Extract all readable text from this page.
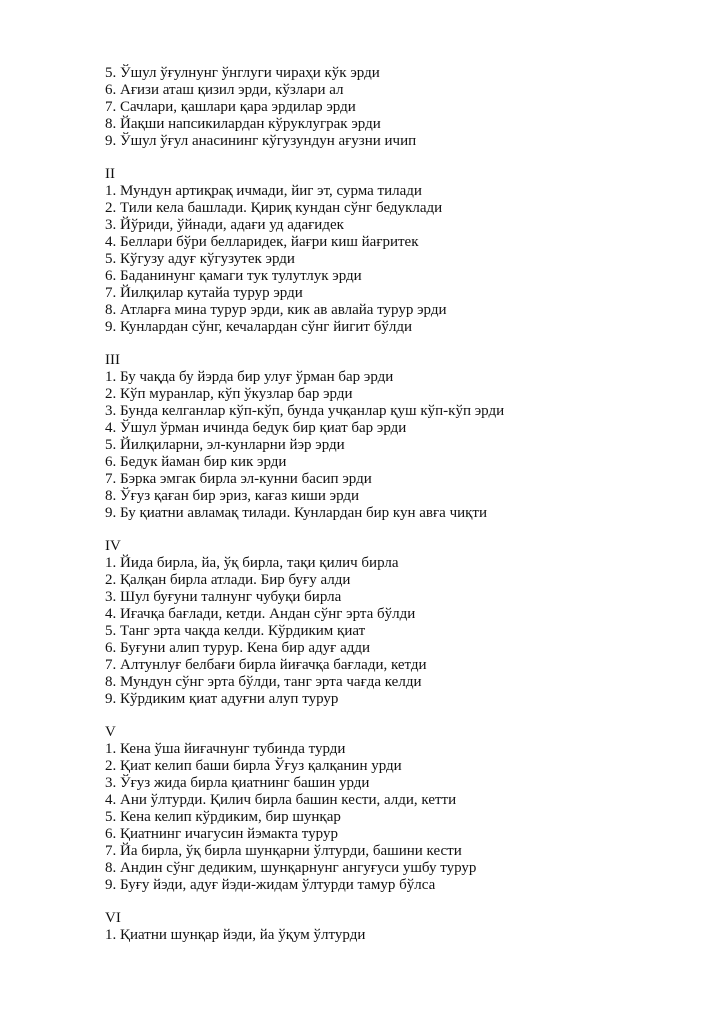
5. Ўшул ўғулнунг ўнглуги чираҳи кўк эрди

6. Ағизи аташ қизил эрди, кўзлари ал

7. Сачлари, қашлари қара эрдилар эрди

8. Йақши напсикилардан кўруклуграк эрди

9. Ўшул ўғул анасининг кўгузундун ағузни ичип

II

1. Мундун артиқрақ ичмади, йиг эт, сурма тилади

2. Тили кела башлади. Қириқ кундан сўнг бедуклади

3. Йўриди, ўйнади, адағи уд адағидек

4. Беллари бўри белларидек, йағри киш йағритек

5. Кўгузу адуғ кўгузутек эрди

6. Баданинунг қамаги тук тулутлук эрди

7. Йилқилар кутайа турур эрди

8. Атларға мина турур эрди, кик ав авлайа турур эрди

9. Кунлардан сўнг, кечалардан сўнг йигит бўлди

III

1. Бу чақда бу йэрда бир улуғ ўрман бар эрди

2. Кўп муранлар, кўп ўкузлар бар эрди

3. Бунда келганлар кўп-кўп, бунда учқанлар қуш кўп-кўп эрди

4. Ўшул ўрман ичинда бедук бир қиат бар эрди

5. Йилқиларни, эл-кунларни йэр эрди

6. Бедук йаман бир кик эрди

7. Бэрка эмгак бирла эл-кунни басип эрди

8. Ўғуз қаған бир эриз, кағаз киши эрди

9. Бу қиатни авламақ тилади. Кунлардан бир кун авға чиқти

IV

1. Йида бирла, йа, ўқ бирла, тақи қилич бирла

2. Қалқан бирла атлади. Бир буғу алди

3. Шул буғуни талнунг чубуқи бирла

4. Иғачқа бағлади, кетди. Андан сўнг эрта бўлди

5. Танг эрта чақда келди. Кўрдиким қиат

6. Буғуни алип турур. Кена бир адуғ адди

7. Алтунлуғ белбағи бирла йиғачқа бағлади, кетди

8. Мундун сўнг эрта бўлди, танг эрта чағда келди

9. Кўрдиким қиат адуғни алуп турур

V

1. Кена ўша йиғачнунг тубинда турди

2. Қиат келип баши бирла Ўғуз қалқанин урди

3. Ўғуз жида бирла қиатнинг башин урди

4. Ани ўлтурди. Қилич бирла башин кести, алди, кетти

5. Кена келип кўрдиким, бир шунқар

6. Қиатнинг ичагусин йэмакта турур

7. Йа бирла, ўқ бирла шунқарни ўлтурди, башини кести

8. Андин сўнг дедиким, шунқарнунг ангуғуси ушбу турур

9. Буғу йэди, адуғ йэди-жидам ўлтурди тамур бўлса

VI

1. Қиатни шунқар йэди, йа ўқум ўлтурди
